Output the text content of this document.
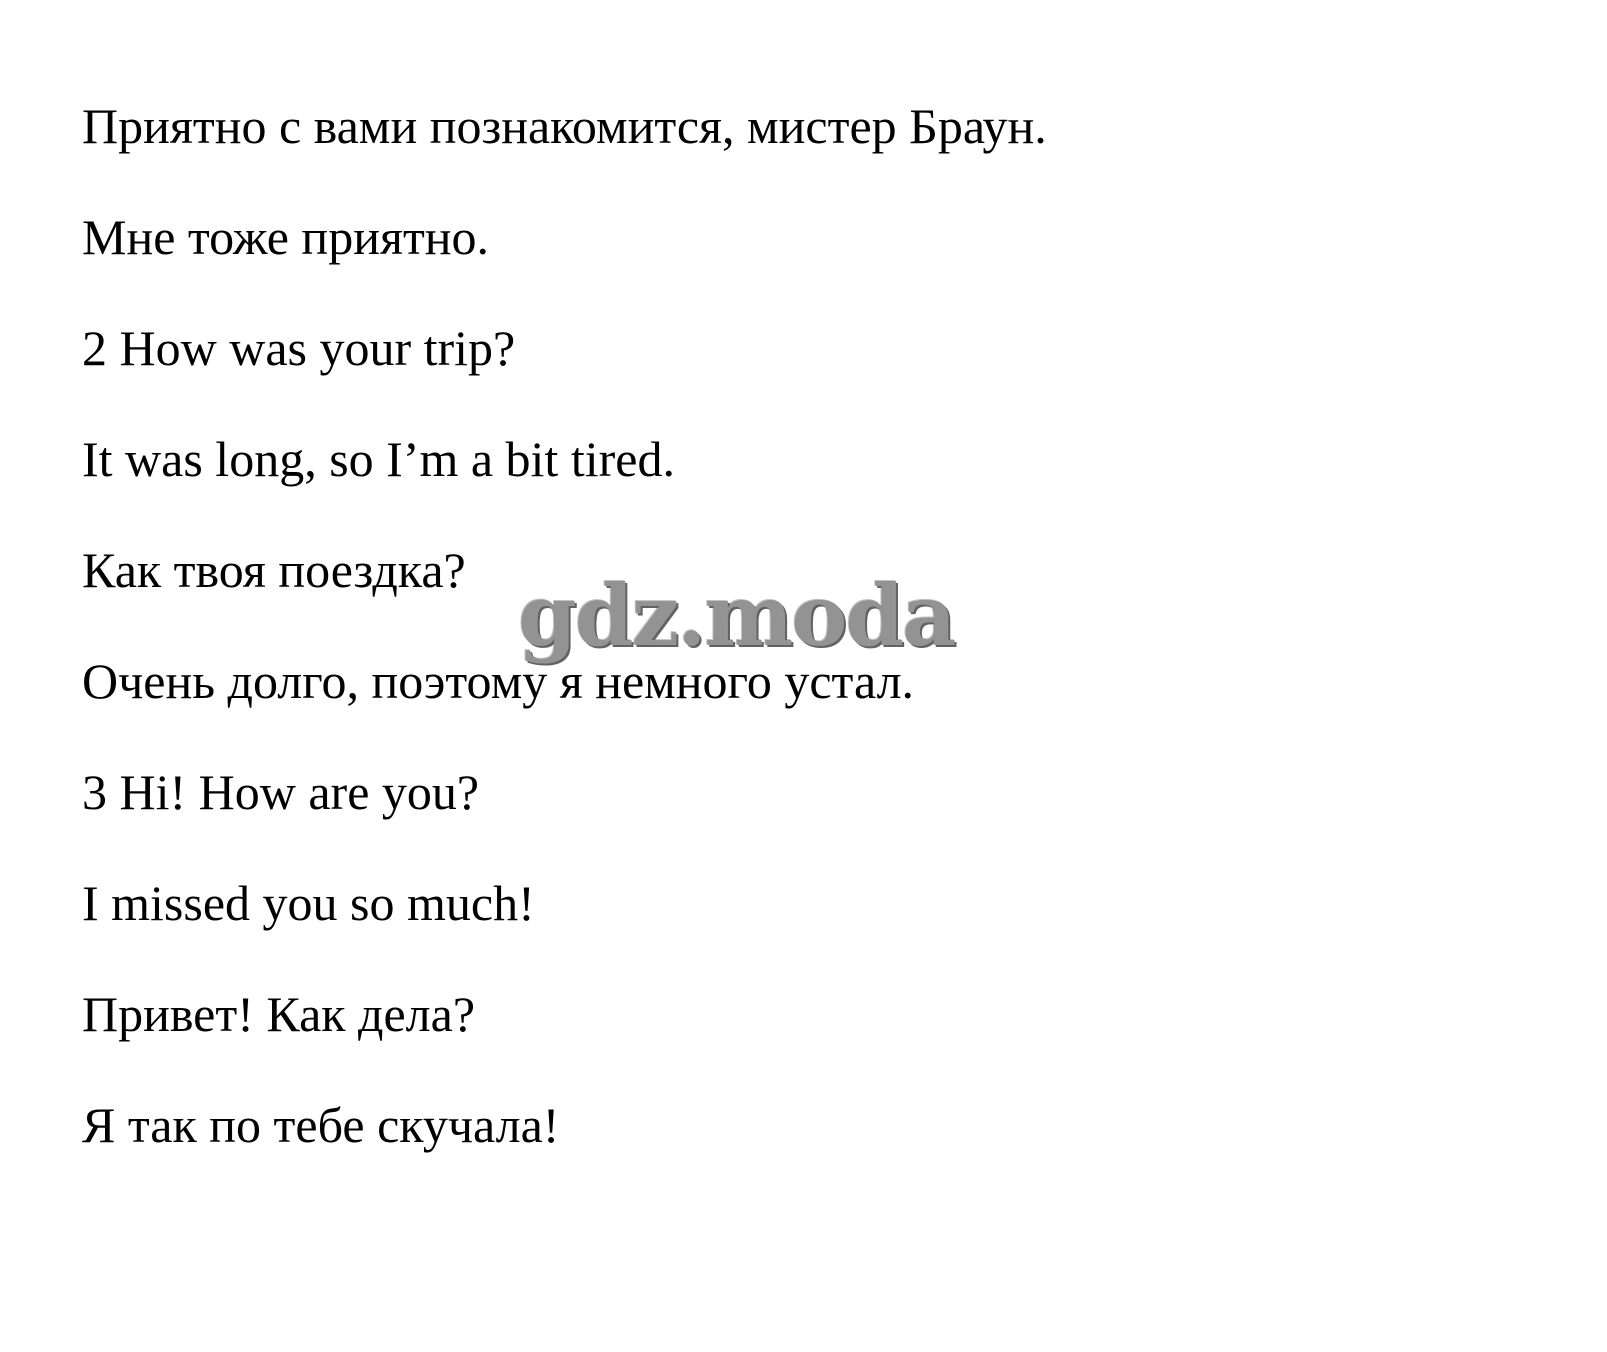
Приятно с вами познакомится, мистер Браун.

Мне тоже приятно.

2 How was your trip?

It was long, so I’m a bit tired.

Как твоя поездка?

Очень долго, поэтому я немного устал.

3 Hi! How are you?

I missed you so much!

Привет! Как дела?

Я так по тебе скучала!

gdz.moda
